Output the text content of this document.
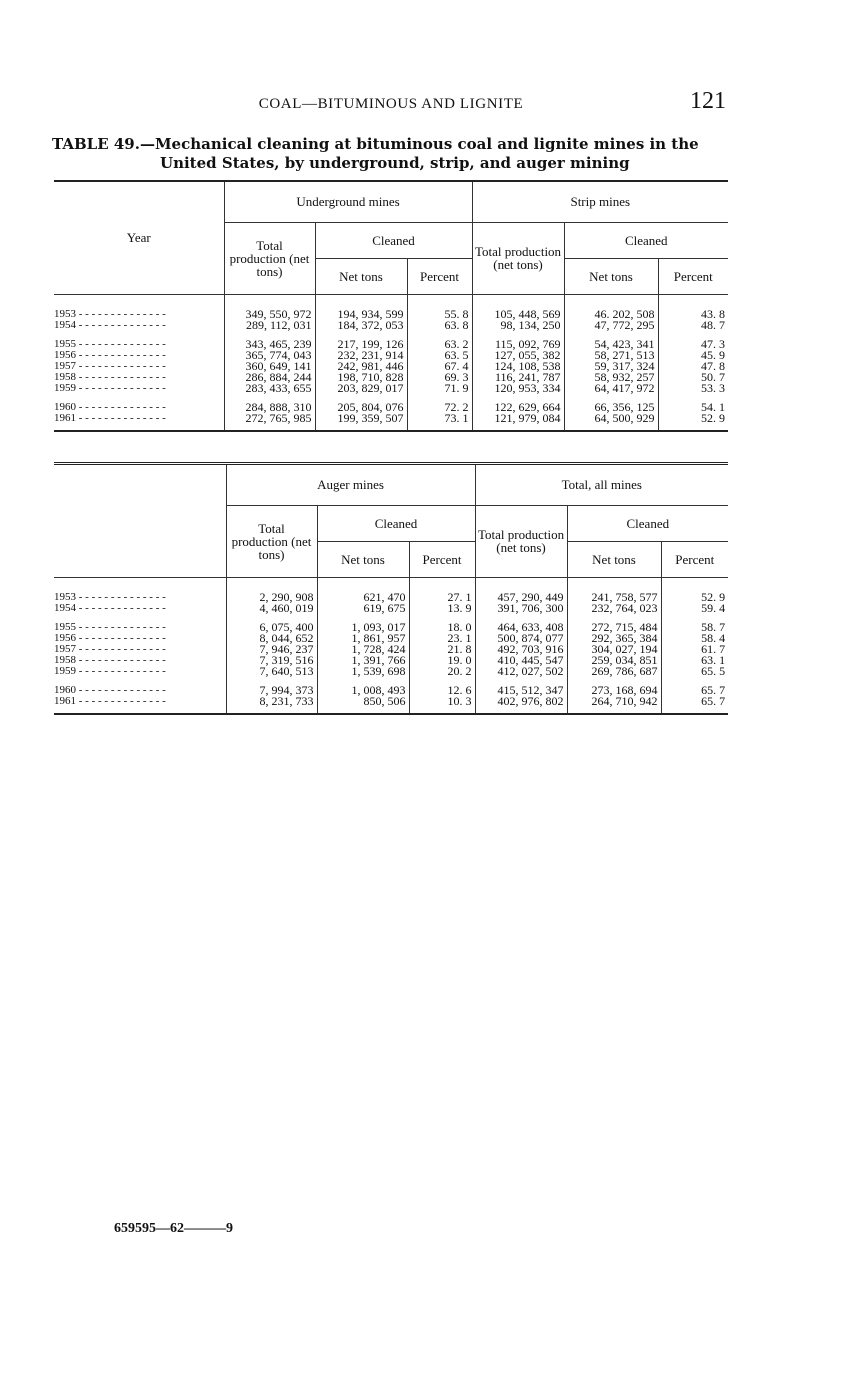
COAL—BITUMINOUS AND LIGNITE	121
TABLE 49.—Mechanical cleaning at bituminous coal and lignite mines in the
United States, by underground, strip, and auger mining
Year	Underground mines			Strip mines		
	Total production (net tons)	Cleaned		Total production (net tons)	Cleaned	
		Net tons	Percent		Net tons	Percent

1953 - - - - - - - - - - - - - -	349, 550, 972	194, 934, 599	55. 8	105, 448, 569	46. 202, 508	43. 8
1954 - - - - - - - - - - - - - -	289, 112, 031	184, 372, 053	63. 8	98, 134, 250	47, 772, 295	48. 7

1955 - - - - - - - - - - - - - -	343, 465, 239	217, 199, 126	63. 2	115, 092, 769	54, 423, 341	47. 3
1956 - - - - - - - - - - - - - -	365, 774, 043	232, 231, 914	63. 5	127, 055, 382	58, 271, 513	45. 9
1957 - - - - - - - - - - - - - -	360, 649, 141	242, 981, 446	67. 4	124, 108, 538	59, 317, 324	47. 8
1958 - - - - - - - - - - - - - -	286, 884, 244	198, 710, 828	69. 3	116, 241, 787	58, 932, 257	50. 7
1959 - - - - - - - - - - - - - -	283, 433, 655	203, 829, 017	71. 9	120, 953, 334	64, 417, 972	53. 3

1960 - - - - - - - - - - - - - -	284, 888, 310	205, 804, 076	72. 2	122, 629, 664	66, 356, 125	54. 1
1961 - - - - - - - - - - - - - -	272, 765, 985	199, 359, 507	73. 1	121, 979, 084	64, 500, 929	52. 9

	Auger mines			Total, all mines		
	Total production (net tons)	Cleaned		Total production (net tons)	Cleaned	
		Net tons	Percent		Net tons	Percent

1953 - - - - - - - - - - - - - -	2, 290, 908	621, 470	27. 1	457, 290, 449	241, 758, 577	52. 9
1954 - - - - - - - - - - - - - -	4, 460, 019	619, 675	13. 9	391, 706, 300	232, 764, 023	59. 4

1955 - - - - - - - - - - - - - -	6, 075, 400	1, 093, 017	18. 0	464, 633, 408	272, 715, 484	58. 7
1956 - - - - - - - - - - - - - -	8, 044, 652	1, 861, 957	23. 1	500, 874, 077	292, 365, 384	58. 4
1957 - - - - - - - - - - - - - -	7, 946, 237	1, 728, 424	21. 8	492, 703, 916	304, 027, 194	61. 7
1958 - - - - - - - - - - - - - -	7, 319, 516	1, 391, 766	19. 0	410, 445, 547	259, 034, 851	63. 1
1959 - - - - - - - - - - - - - -	7, 640, 513	1, 539, 698	20. 2	412, 027, 502	269, 786, 687	65. 5

1960 - - - - - - - - - - - - - -	7, 994, 373	1, 008, 493	12. 6	415, 512, 347	273, 168, 694	65. 7
1961 - - - - - - - - - - - - - -	8, 231, 733	850, 506	10. 3	402, 976, 802	264, 710, 942	65. 7

659595—62———9
